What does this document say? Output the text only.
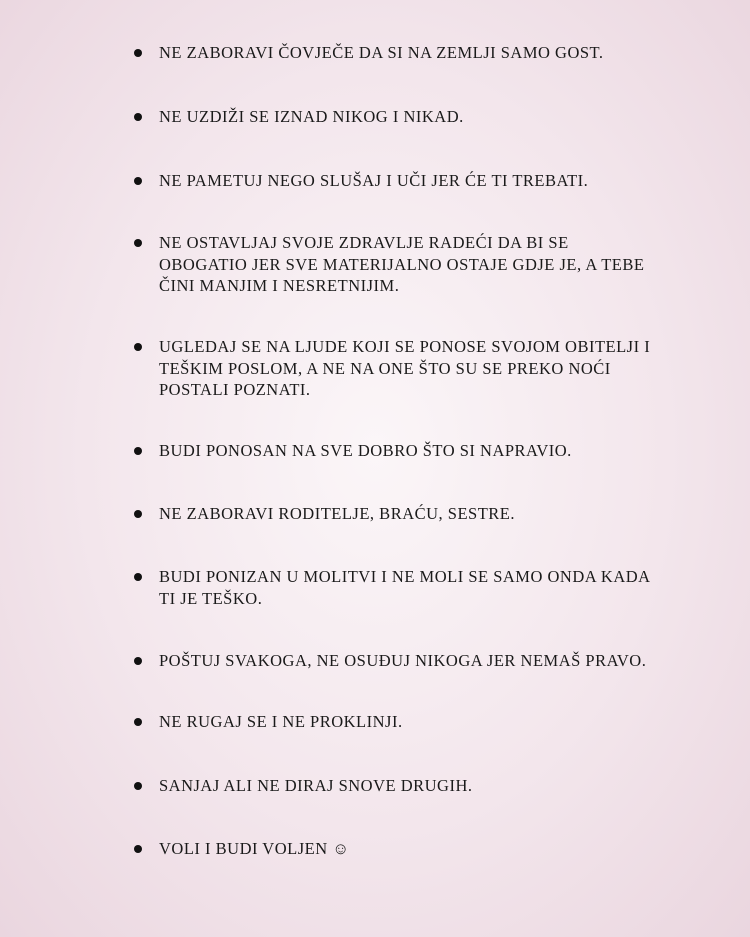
NE ZABORAVI ČOVJEČE DA SI NA ZEMLJI SAMO GOST.
NE UZDIŽI SE IZNAD NIKOG I NIKAD.
NE PAMETUJ NEGO SLUŠAJ I UČI JER ĆE TI TREBATI.
NE OSTAVLJAJ SVOJE ZDRAVLJE RADEĆI DA BI SE OBOGATIO JER SVE MATERIJALNO OSTAJE GDJE JE, A TEBE ČINI MANJIM I NESRETNIJIM.
UGLEDAJ SE NA LJUDE KOJI SE PONOSE SVOJOM OBITELJI I TEŠKIM POSLOM, A NE NA ONE ŠTO SU SE PREKO NOĆI POSTALI POZNATI.
BUDI PONOSAN NA SVE DOBRO ŠTO SI NAPRAVIO.
NE ZABORAVI RODITELJE, BRAĆU, SESTRE.
BUDI PONIZAN U MOLITVI I NE MOLI SE SAMO ONDA KADA TI JE TEŠKO.
POŠTUJ SVAKOGA, NE OSUĐUJ NIKOGA JER NEMAŠ PRAVO.
NE RUGAJ SE I NE PROKLINJI.
SANJAJ ALI NE DIRAJ SNOVE DRUGIH.
VOLI I BUDI VOLJEN ☺
